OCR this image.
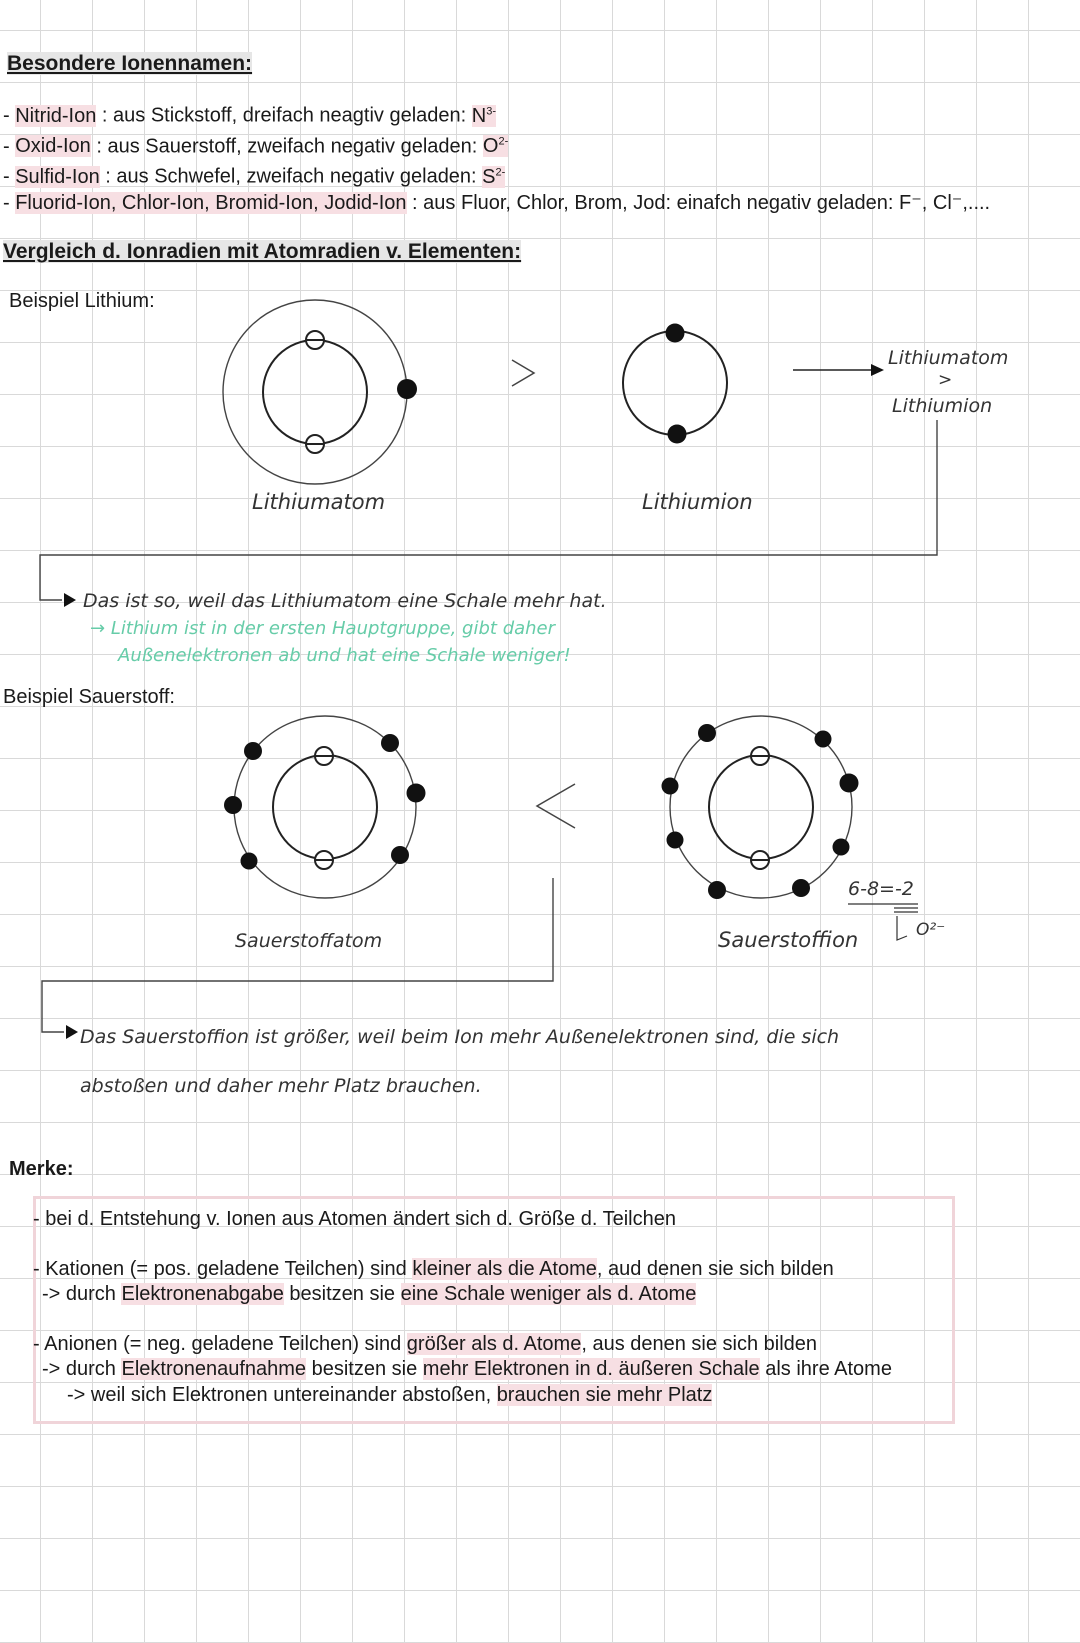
Besondere Ionennamen:
- Nitrid-Ion : aus Stickstoff, dreifach neagtiv geladen: $N^{3-}$
- Oxid-Ion : aus Sauerstoff, zweifach negativ geladen: $O^{2-}$
- Sulfid-Ion : aus Schwefel, zweifach negativ geladen: $S^{2-}$
- Fluorid-Ion, Chlor-Ion, Bromid-Ion, Jodid-Ion : aus Fluor, Chlor, Brom, Jod: einafch negativ geladen: F⁻, Cl⁻,....
Vergleich d. Ionradien mit Atomradien v. Elementen:
Beispiel Lithium:
Lithiumatom	Lithiumion
Lithiumatom
>
Lithiumion
Das ist so, weil das Lithiumatom eine Schale mehr hat.
→ Lithium ist in der ersten Hauptgruppe, gibt daher
Außenelektronen ab und hat eine Schale weniger!
Beispiel Sauerstoff:
Sauerstoffatom	Sauerstoffion
6-8=-2
O²⁻
Das Sauerstoffion ist größer, weil beim Ion mehr Außenelektronen sind, die sich
abstoßen und daher mehr Platz brauchen.
Merke:
- bei d. Entstehung v. Ionen aus Atomen ändert sich d. Größe d. Teilchen
- Kationen (= pos. geladene Teilchen) sind kleiner als die Atome, aud denen sie sich bilden
-> durch Elektronenabgabe besitzen sie eine Schale weniger als d. Atome
- Anionen (= neg. geladene Teilchen) sind größer als d. Atome, aus denen sie sich bilden
-> durch Elektronenaufnahme besitzen sie mehr Elektronen in d. äußeren Schale als ihre Atome
-> weil sich Elektronen untereinander abstoßen, brauchen sie mehr Platz
